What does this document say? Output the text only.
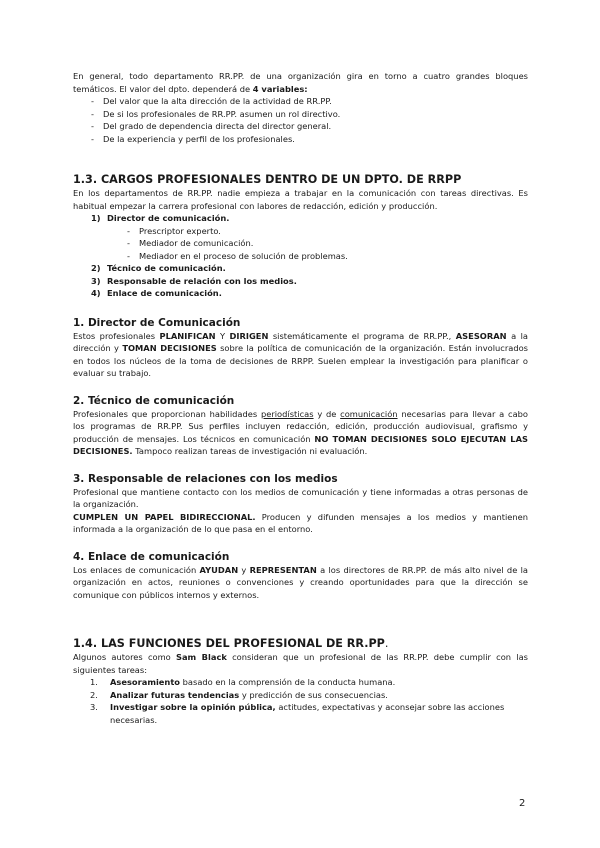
En general, todo departamento RR.PP. de una organización gira en torno a cuatro grandes bloques temáticos. El valor del dpto. dependerá de 4 variables:

- Del valor que la alta dirección de la actividad de RR.PP.
- De si los profesionales de RR.PP. asumen un rol directivo.
- Del grado de dependencia directa del director general.
- De la experiencia y perfil de los profesionales.
1.3. CARGOS PROFESIONALES DENTRO DE UN DPTO. DE RRPP

En los departamentos de RR.PP. nadie empieza a trabajar en la comunicación con tareas directivas. Es habitual empezar la carrera profesional con labores de redacción, edición y producción.

1) Director de comunicación.
- Prescriptor experto.
- Mediador de comunicación.
- Mediador en el proceso de solución de problemas.
2) Técnico de comunicación.
3) Responsable de relación con los medios.
4) Enlace de comunicación.
1. Director de Comunicación

Estos profesionales PLANIFICAN Y DIRIGEN sistemáticamente el programa de RR.PP., ASESORAN a la dirección y TOMAN DECISIONES sobre la política de comunicación de la organización. Están involucrados en todos los núcleos de la toma de decisiones de RRPP. Suelen emplear la investigación para planificar o evaluar su trabajo.

2. Técnico de comunicación

Profesionales que proporcionan habilidades periodísticas y de comunicación necesarias para llevar a cabo los programas de RR.PP. Sus perfiles incluyen redacción, edición, producción audiovisual, grafismo y producción de mensajes. Los técnicos en comunicación NO TOMAN DECISIONES SOLO EJECUTAN LAS DECISIONES. Tampoco realizan tareas de investigación ni evaluación.

3. Responsable de relaciones con los medios

Profesional que mantiene contacto con los medios de comunicación y tiene informadas a otras personas de la organización.

CUMPLEN UN PAPEL BIDIRECCIONAL. Producen y difunden mensajes a los medios y mantienen informada a la organización de lo que pasa en el entorno.

4. Enlace de comunicación

Los enlaces de comunicación AYUDAN y REPRESENTAN a los directores de RR.PP. de más alto nivel de la organización en actos, reuniones o convenciones y creando oportunidades para que la dirección se comunique con públicos internos y externos.

1.4. LAS FUNCIONES DEL PROFESIONAL DE RR.PP.

Algunos autores como Sam Black consideran que un profesional de las RR.PP. debe cumplir con las siguientes tareas:

1. Asesoramiento basado en la comprensión de la conducta humana.
2. Analizar futuras tendencias y predicción de sus consecuencias.
3. Investigar sobre la opinión pública, actitudes, expectativas y aconsejar sobre las acciones necesarias.
2
